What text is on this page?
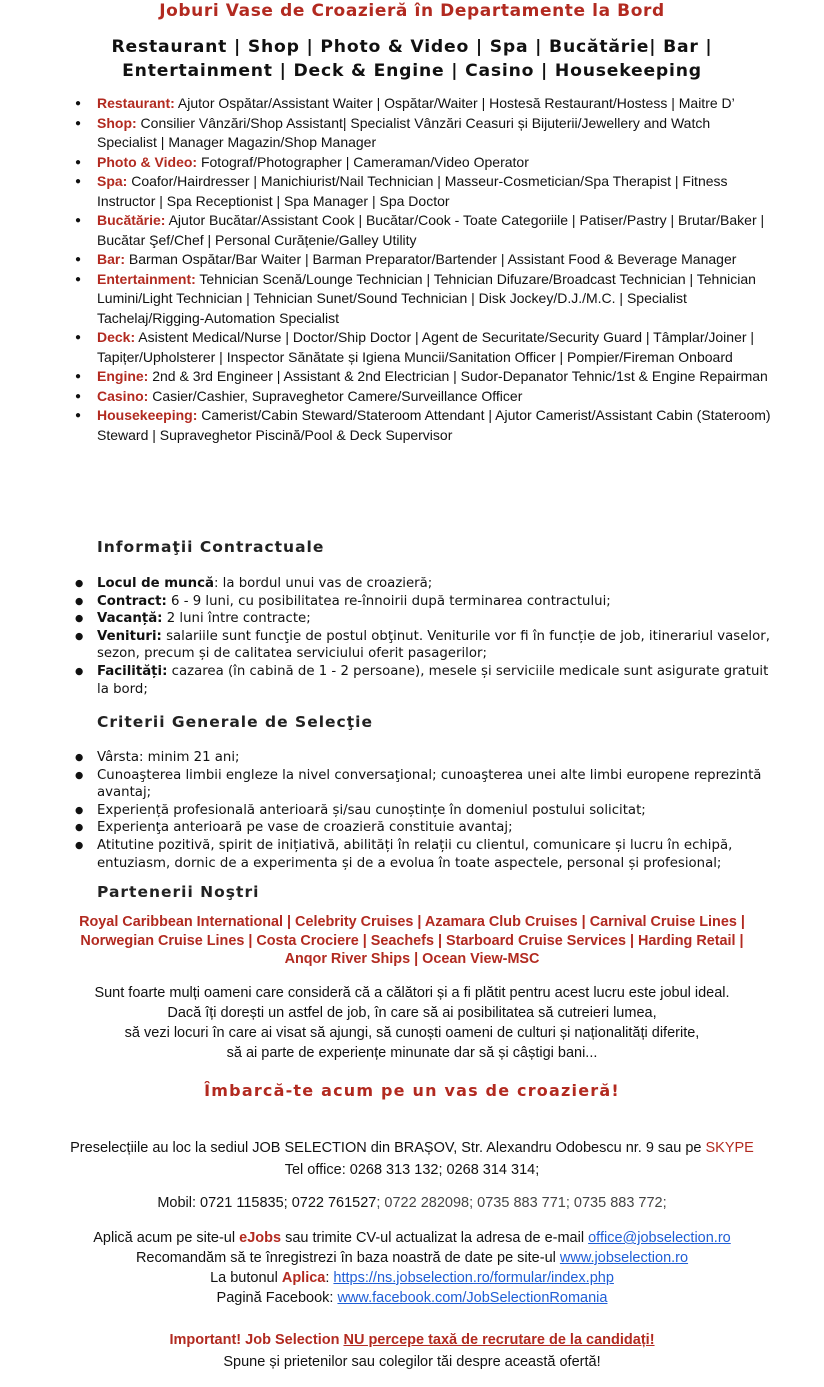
Joburi Vase de Croazieră în Departamente la Bord
Restaurant | Shop | Photo & Video | Spa | Bucătărie| Bar |
Entertainment | Deck & Engine | Casino | Housekeeping
● Restaurant: Ajutor Ospătar/Assistant Waiter | Ospătar/Waiter | Hostesă Restaurant/Hostess | Maitre D’
● Shop: Consilier Vânzări/Shop Assistant| Specialist Vânzări Ceasuri și Bijuterii/Jewellery and Watch Specialist | Manager Magazin/Shop Manager
● Photo & Video: Fotograf/Photographer | Cameraman/Video Operator
● Spa: Coafor/Hairdresser | Manichiurist/Nail Technician | Masseur-Cosmetician/Spa Therapist | Fitness Instructor | Spa Receptionist | Spa Manager | Spa Doctor
● Bucătărie: Ajutor Bucătar/Assistant Cook | Bucătar/Cook - Toate Categoriile | Patiser/Pastry | Brutar/Baker | Bucătar Şef/Chef | Personal Curățenie/Galley Utility
● Bar: Barman Ospătar/Bar Waiter | Barman Preparator/Bartender | Assistant Food & Beverage Manager
● Entertainment: Tehnician Scenă/Lounge Technician | Tehnician Difuzare/Broadcast Technician | Tehnician Lumini/Light Technician | Tehnician Sunet/Sound Technician | Disk Jockey/D.J./M.C. | Specialist Tachelaj/Rigging-Automation Specialist
● Deck: Asistent Medical/Nurse | Doctor/Ship Doctor | Agent de Securitate/Security Guard | Tâmplar/Joiner | Tapițer/Upholsterer | Inspector Sănătate și Igiena Muncii/Sanitation Officer | Pompier/Fireman Onboard
● Engine: 2nd & 3rd Engineer | Assistant & 2nd Electrician | Sudor-Depanator Tehnic/1st & Engine Repairman
● Casino: Casier/Cashier, Supraveghetor Camere/Surveillance Officer
● Housekeeping: Camerist/Cabin Steward/Stateroom Attendant | Ajutor Camerist/Assistant Cabin (Stateroom) Steward | Supraveghetor Piscină/Pool & Deck Supervisor
Informaţii Contractuale
● Locul de muncă: la bordul unui vas de croazieră;
● Contract: 6 - 9 luni, cu posibilitatea re-înnoirii după terminarea contractului;
● Vacanță: 2 luni între contracte;
● Venituri: salariile sunt funcţie de postul obţinut. Veniturile vor fi în funcție de job, itinerariul vaselor, sezon, precum și de calitatea serviciului oferit pasagerilor;
● Facilități: cazarea (în cabină de 1 - 2 persoane), mesele și serviciile medicale sunt asigurate gratuit la bord;
Criterii Generale de Selecţie
● Vârsta: minim 21 ani;
● Cunoaşterea limbii engleze la nivel conversaţional; cunoaşterea unei alte limbi europene reprezintă avantaj;
● Experiență profesională anterioară și/sau cunoștințe în domeniul postului solicitat;
● Experienţa anterioară pe vase de croazieră constituie avantaj;
● Atitutine pozitivă, spirit de inițiativă, abilități în relații cu clientul, comunicare și lucru în echipă, entuziasm, dornic de a experimenta și de a evolua în toate aspectele, personal și profesional;
Partenerii Noştri
Royal Caribbean International | Celebrity Cruises | Azamara Club Cruises | Carnival Cruise Lines |
Norwegian Cruise Lines | Costa Crociere | Seachefs | Starboard Cruise Services | Harding Retail |
Anqor River Ships | Ocean View-MSC
Sunt foarte mulți oameni care consideră că a călători și a fi plătit pentru acest lucru este jobul ideal.
Dacă îți dorești un astfel de job, în care să ai posibilitatea să cutreieri lumea,
să vezi locuri în care ai visat să ajungi, să cunoști oameni de culturi și naționalități diferite,
să ai parte de experiențe minunate dar să și câștigi bani...
Îmbarcă-te acum pe un vas de croazieră!
Preselecțiile au loc la sediul JOB SELECTION din BRAȘOV, Str. Alexandru Odobescu nr. 9 sau pe SKYPE
Tel office: 0268 313 132; 0268 314 314;
Mobil: 0721 115835; 0722 761527; 0722 282098; 0735 883 771; 0735 883 772;
Aplică acum pe site-ul eJobs sau trimite CV-ul actualizat la adresa de e-mail office@jobselection.ro
Recomandăm să te înregistrezi în baza noastră de date pe site-ul www.jobselection.ro
La butonul Aplica: https://ns.jobselection.ro/formular/index.php
Pagină Facebook: www.facebook.com/JobSelectionRomania
Important! Job Selection NU percepe taxă de recrutare de la candidați!
Spune și prietenilor sau colegilor tăi despre această ofertă!
